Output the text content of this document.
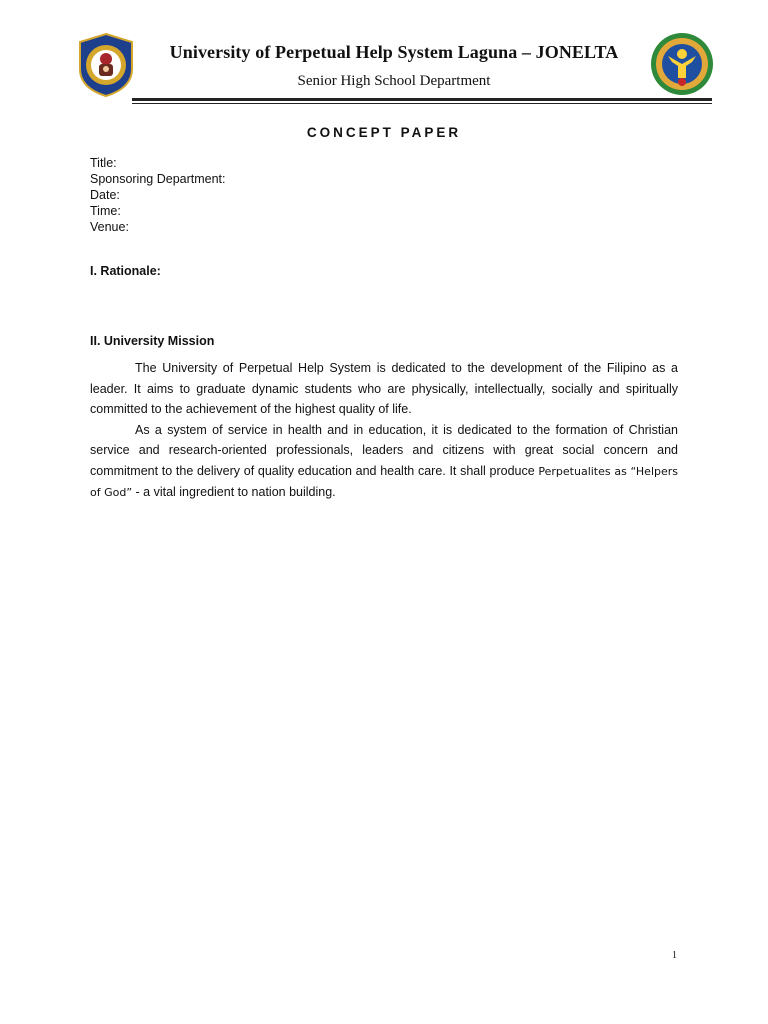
University of Perpetual Help System Laguna – JONELTA
Senior High School Department
CONCEPT PAPER
Title:
Sponsoring Department:
Date:
Time:
Venue:
I. Rationale:
II. University Mission

The University of Perpetual Help System is dedicated to the development of the Filipino as a leader. It aims to graduate dynamic students who are physically, intellectually, socially and spiritually committed to the achievement of the highest quality of life.

As a system of service in health and in education, it is dedicated to the formation of Christian service and research-oriented professionals, leaders and citizens with great social concern and commitment to the delivery of quality education and health care. It shall produce Perpetualites as “Helpers of God” - a vital ingredient to nation building.

1
